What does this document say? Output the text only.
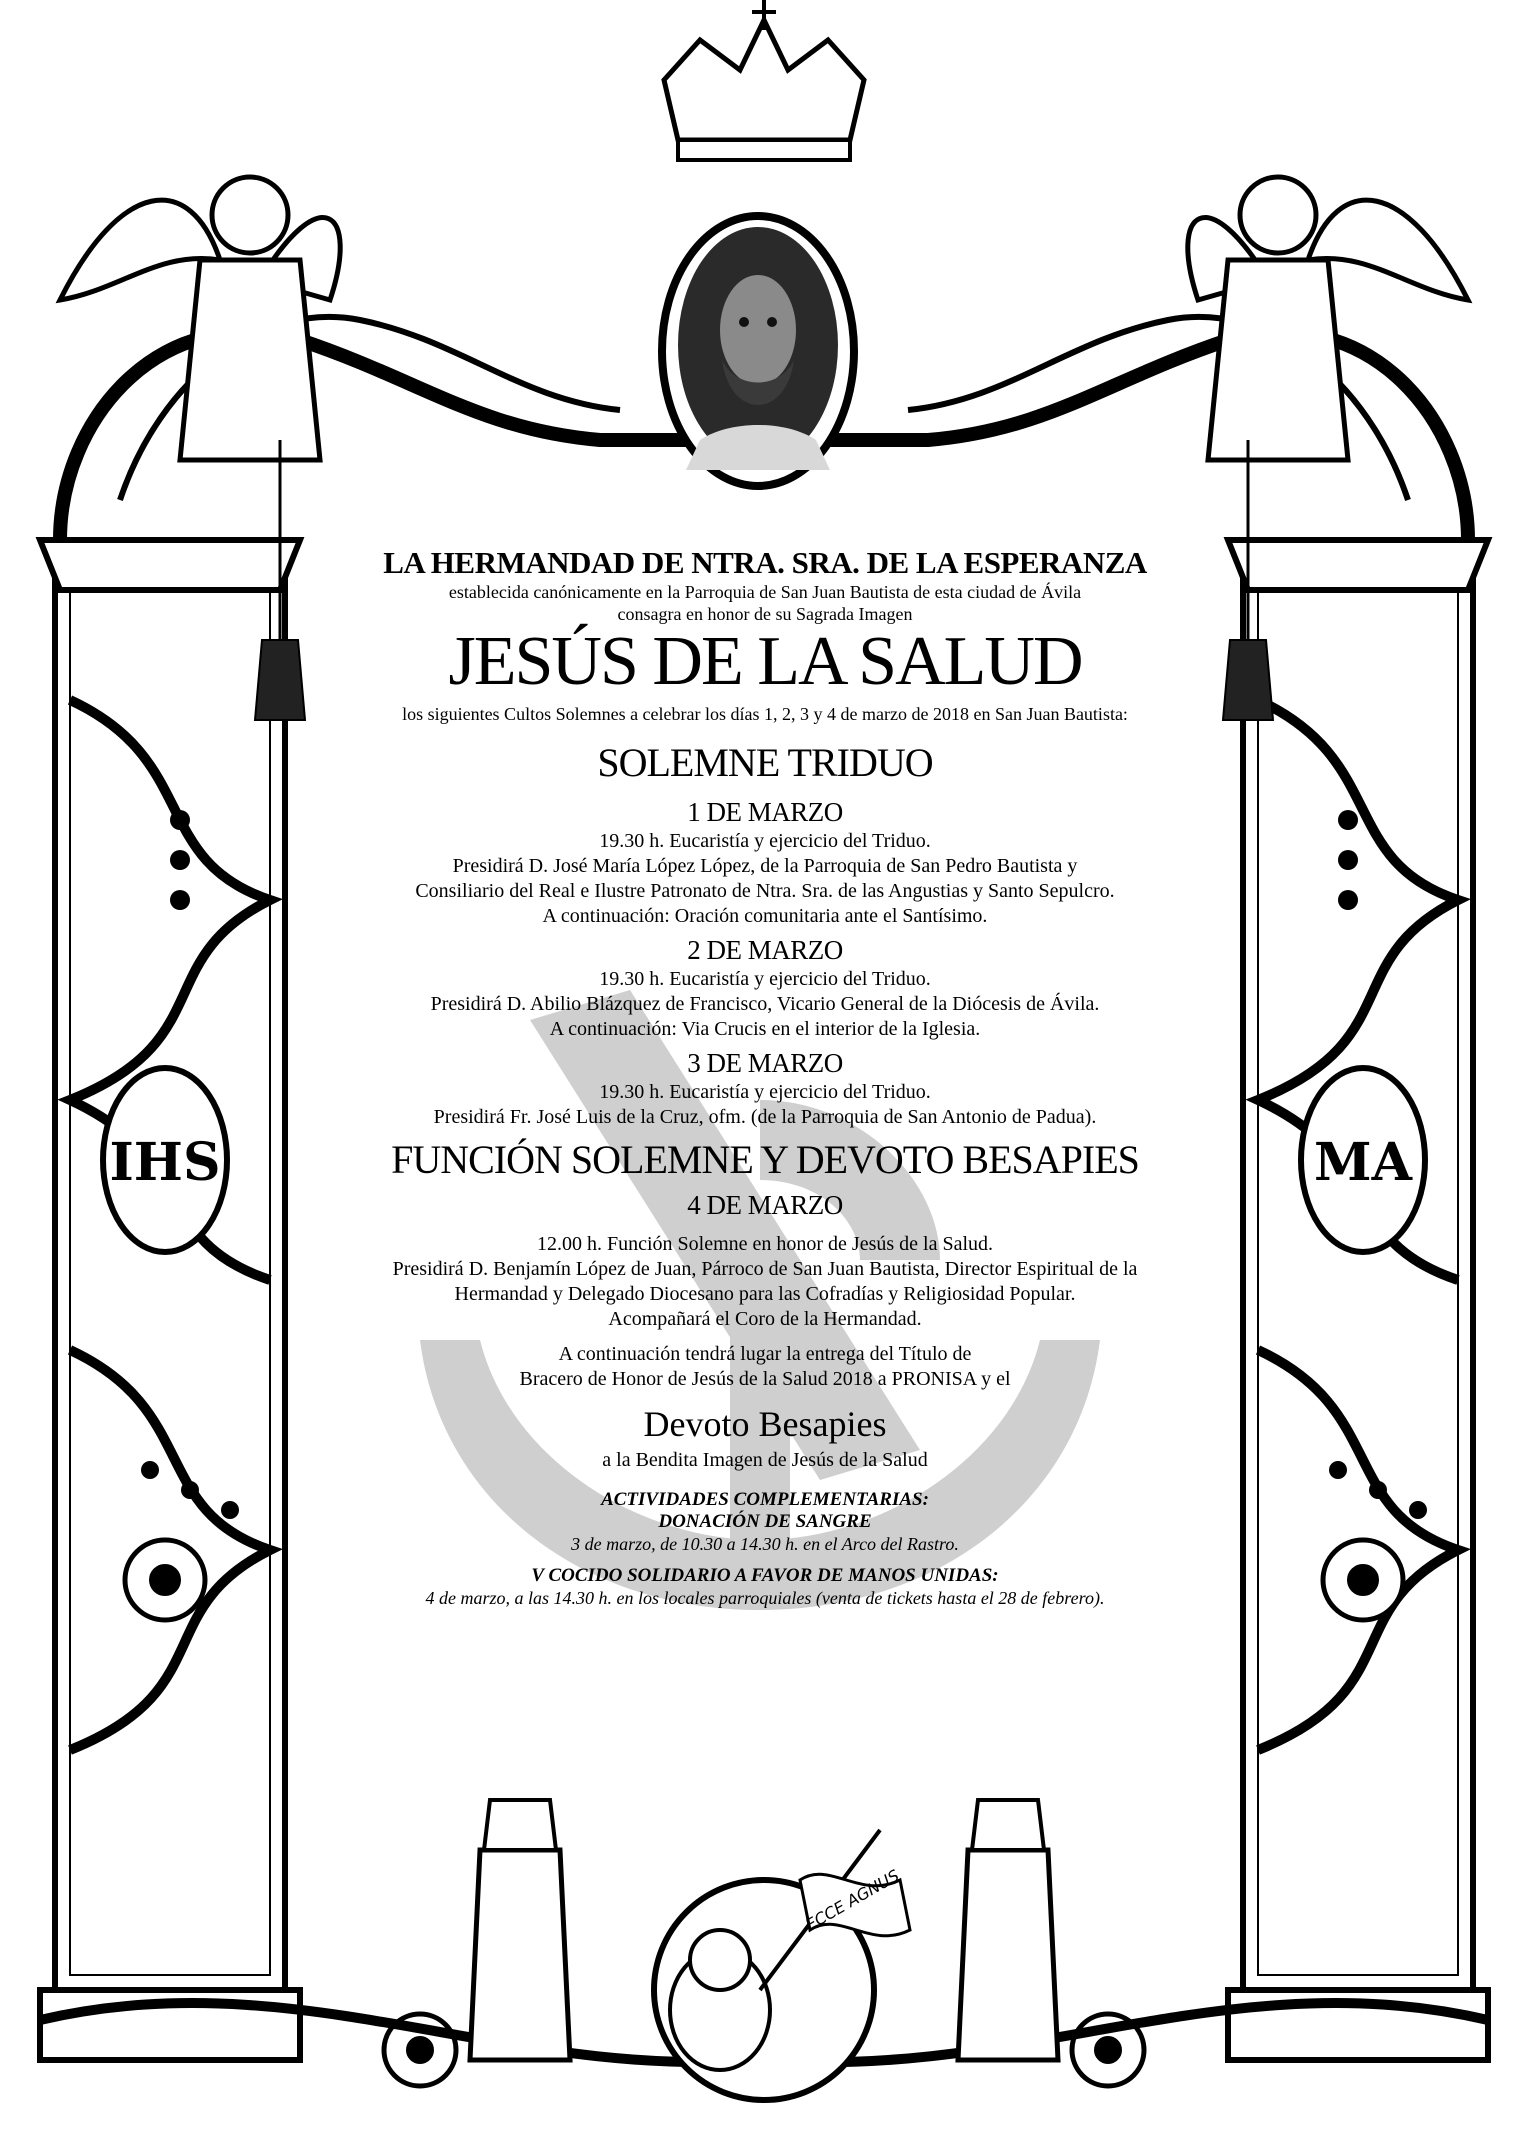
IHS	MA
ECCE AGNUS
LA HERMANDAD DE NTRA. SRA. DE LA ESPERANZA
establecida canónicamente en la Parroquia de San Juan Bautista de esta ciudad de Ávila
consagra en honor de su Sagrada Imagen
JESÚS DE LA SALUD
los siguientes Cultos Solemnes a celebrar los días 1, 2, 3 y 4 de marzo de 2018 en San Juan Bautista:
SOLEMNE TRIDUO
1 DE MARZO
19.30 h. Eucaristía y ejercicio del Triduo.
Presidirá D. José María López López, de la Parroquia de San Pedro Bautista y
Consiliario del Real e Ilustre Patronato de Ntra. Sra. de las Angustias y Santo Sepulcro.
A continuación: Oración comunitaria ante el Santísimo.
2 DE MARZO
19.30 h. Eucaristía y ejercicio del Triduo.
Presidirá D. Abilio Blázquez de Francisco, Vicario General de la Diócesis de Ávila.
A continuación: Via Crucis en el interior de la Iglesia.
3 DE MARZO
19.30 h. Eucaristía y ejercicio del Triduo.
Presidirá Fr. José Luis de la Cruz, ofm. (de la Parroquia de San Antonio de Padua).
FUNCIÓN SOLEMNE Y DEVOTO BESAPIES
4 DE MARZO
12.00 h. Función Solemne en honor de Jesús de la Salud.
Presidirá D. Benjamín López de Juan, Párroco de San Juan Bautista, Director Espiritual de la
Hermandad y Delegado Diocesano para las Cofradías y Religiosidad Popular.
Acompañará el Coro de la Hermandad.
A continuación tendrá lugar la entrega del Título de
Bracero de Honor de Jesús de la Salud 2018 a PRONISA y el
Devoto Besapies
a la Bendita Imagen de Jesús de la Salud
ACTIVIDADES COMPLEMENTARIAS:
DONACIÓN DE SANGRE
3 de marzo, de 10.30 a 14.30 h. en el Arco del Rastro.
V COCIDO SOLIDARIO A FAVOR DE MANOS UNIDAS:
4 de marzo, a las 14.30 h. en los locales parroquiales (venta de tickets hasta el 28 de febrero).
